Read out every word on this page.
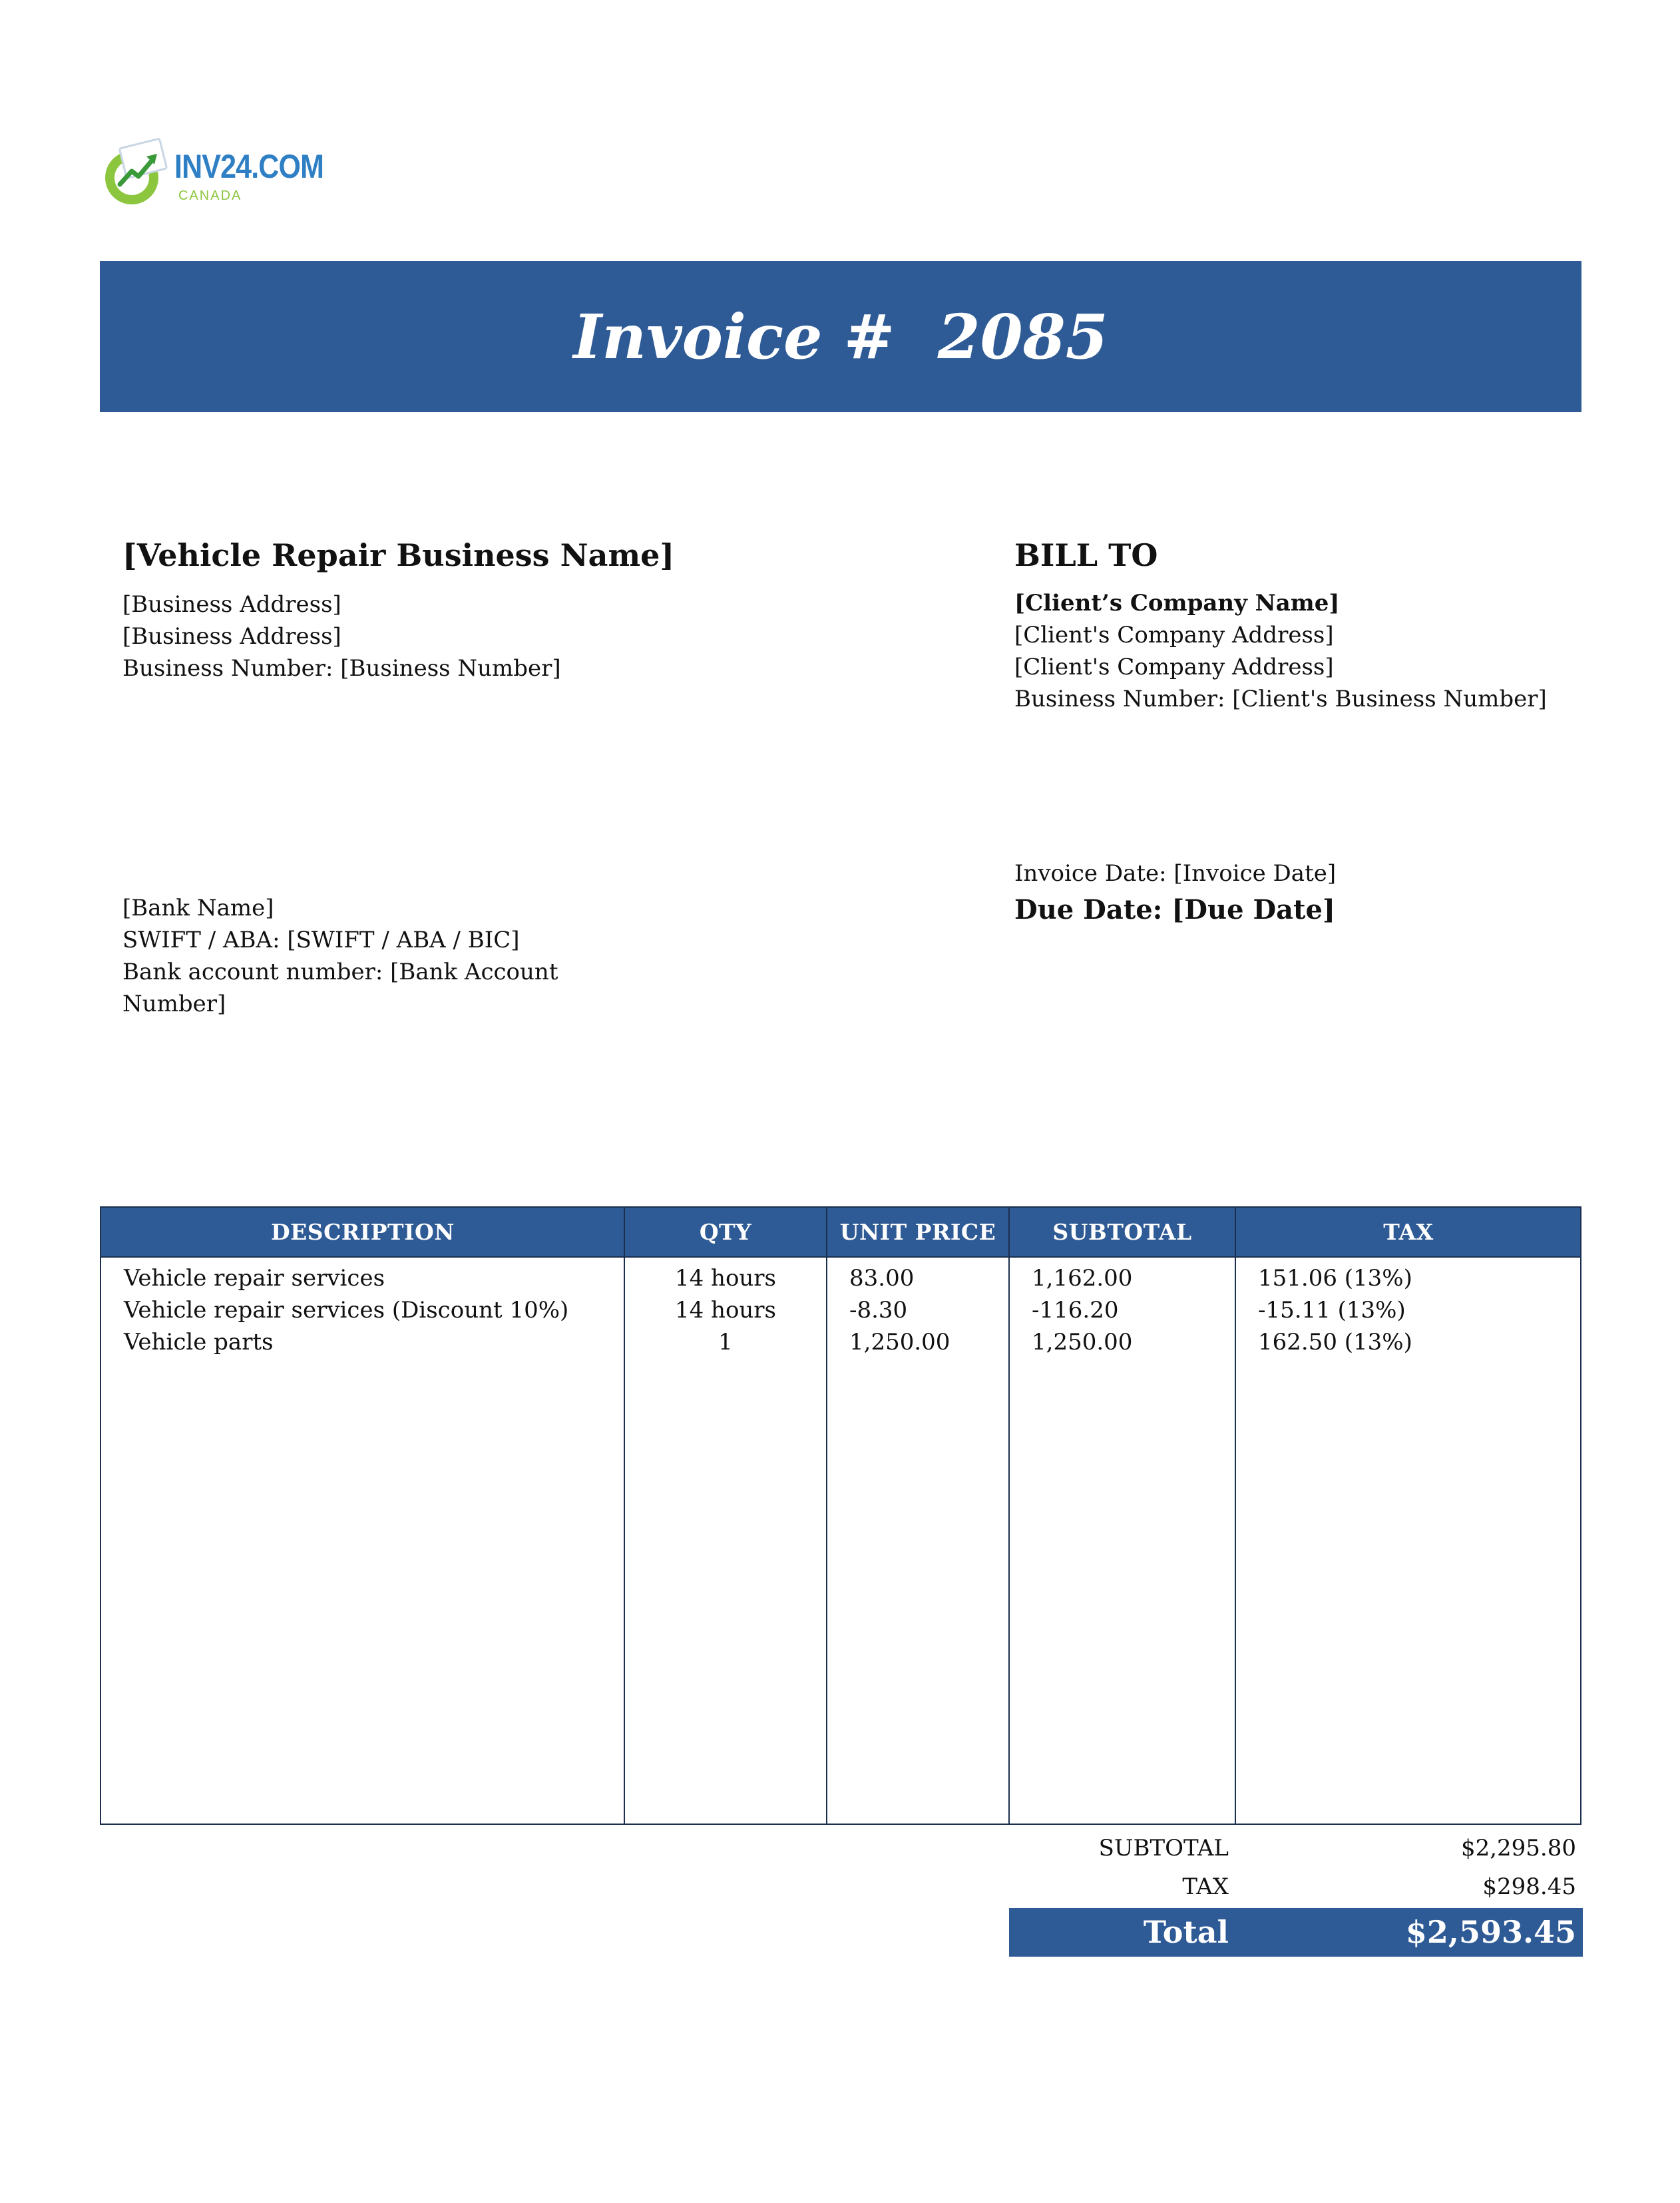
INV24.COM
CANADA
Invoice #  2085
[Vehicle Repair Business Name]
[Business Address]
[Business Address]
Business Number: [Business Number]
BILL TO
[Client’s Company Name]
[Client's Company Address]
[Client's Company Address]
Business Number: [Client's Business Number]
[Bank Name]
SWIFT / ABA: [SWIFT / ABA / BIC]
Bank account number: [Bank Account
Number]
Invoice Date: [Invoice Date]
Due Date: [Due Date]
DESCRIPTION	QTY	UNIT PRICE	SUBTOTAL	TAX
Vehicle repair services	14 hours	83.00	1,162.00	151.06 (13%)
Vehicle repair services (Discount 10%)	14 hours	-8.30	-116.20	-15.11 (13%)
Vehicle parts	1	1,250.00	1,250.00	162.50 (13%)
SUBTOTAL	$2,295.80
TAX	$298.45
Total	$2,593.45
